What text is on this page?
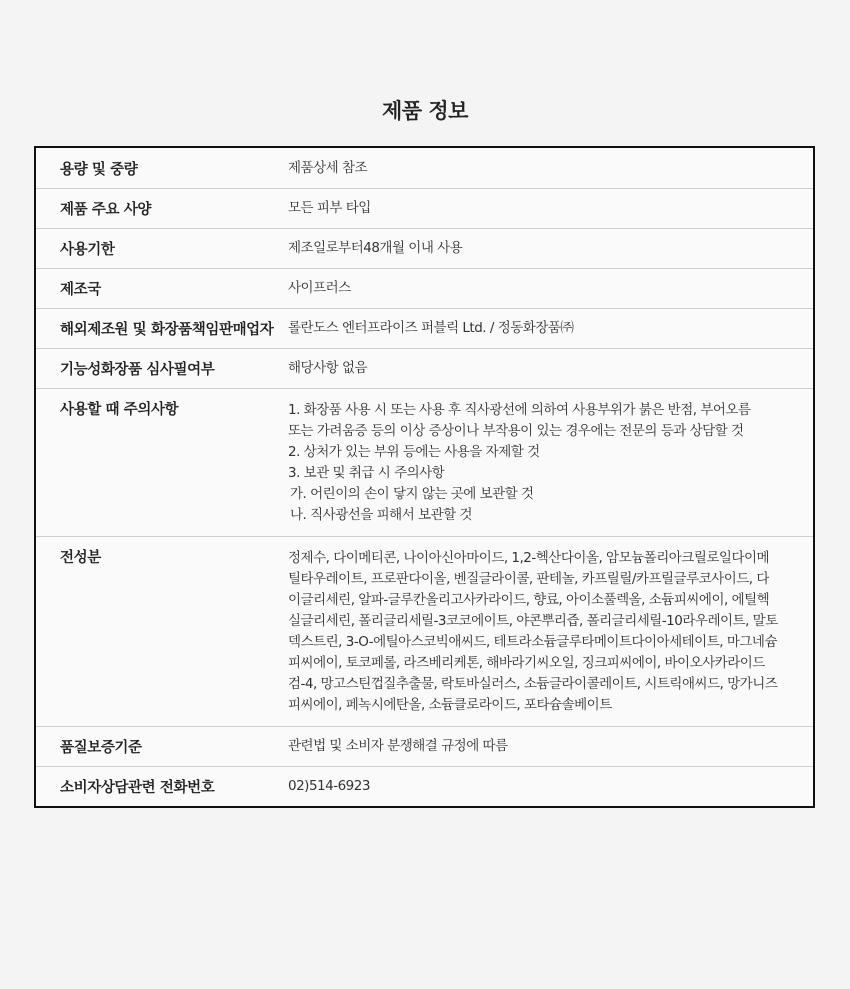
제품 정보
용량 및 중량	제품상세 참조
제품 주요 사양	모든 피부 타입
사용기한	제조일로부터48개월 이내 사용
제조국	사이프러스
해외제조원 및 화장품책임판매업자	롤란도스 엔터프라이즈 퍼블릭 Ltd. / 정동화장품㈜
기능성화장품 심사필여부	해당사항 없음
사용할 때 주의사항	1. 화장품 사용 시 또는 사용 후 직사광선에 의하여 사용부위가 붉은 반점, 부어오름
또는 가려움증 등의 이상 증상이나 부작용이 있는 경우에는 전문의 등과 상담할 것
2. 상처가 있는 부위 등에는 사용을 자제할 것
3. 보관 및 취급 시 주의사항
가. 어린이의 손이 닿지 않는 곳에 보관할 것
나. 직사광선을 피해서 보관할 것
전성분	정제수, 다이메티콘, 나이아신아마이드, 1,2-헥산다이올, 암모늄폴리아크릴로일다이메틸타우레이트, 프로판다이올, 벤질글라이콜, 판테놀, 카프릴릴/카프릴글루코사이드, 다이글리세린, 알파-글루칸올리고사카라이드, 향료, 아이소풀렉올, 소듐피씨에이, 에틸헥실글리세린, 폴리글리세릴-3코코에이트, 야콘뿌리즙, 폴리글리세릴-10라우레이트, 말토덱스트린, 3-O-에틸아스코빅애씨드, 테트라소듐글루타메이트다이아세테이트, 마그네슘피씨에이, 토코페롤, 라즈베리케톤, 해바라기씨오일, 징크피씨에이, 바이오사카라이드검-4, 망고스틴껍질추출물, 락토바실러스, 소듐글라이콜레이트, 시트릭애씨드, 망가니즈피씨에이, 페녹시에탄올, 소듐클로라이드, 포타슘솔베이트
품질보증기준	관련법 및 소비자 분쟁해결 규정에 따름
소비자상담관련 전화번호	02)514-6923
